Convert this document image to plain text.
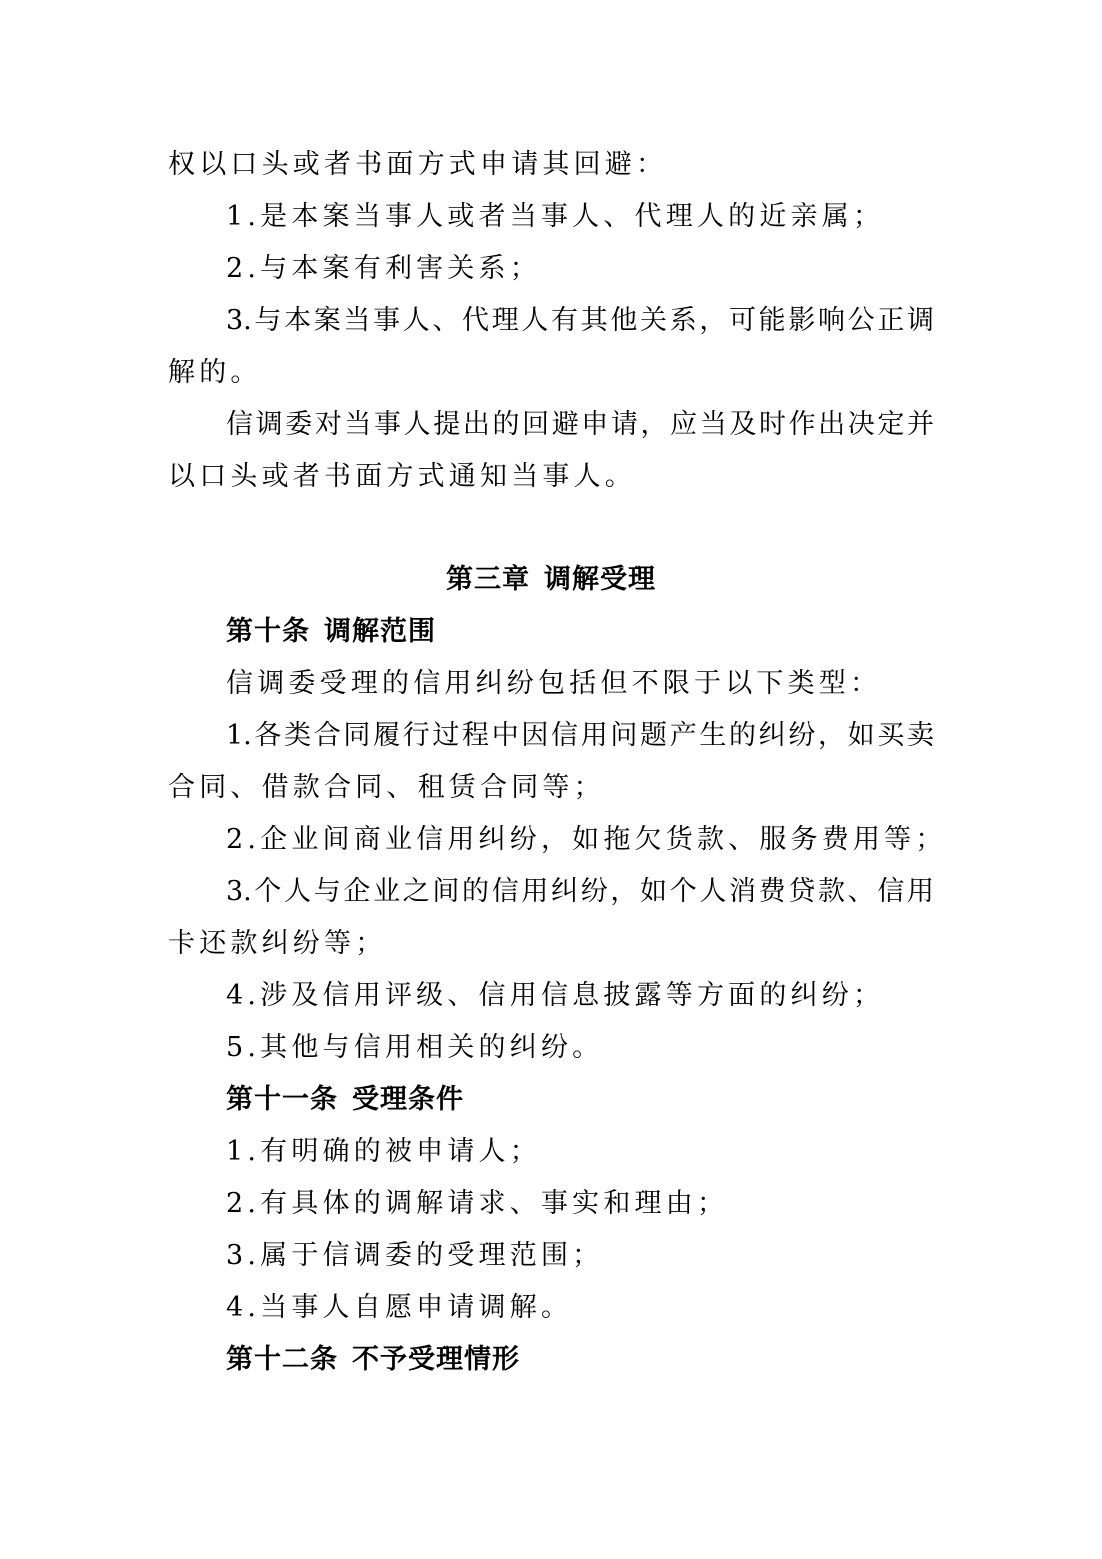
权以口头或者书面方式申请其回避：
1.是本案当事人或者当事人、代理人的近亲属；
2.与本案有利害关系；
3.与本案当事人、代理人有其他关系，可能影响公正调
解的。
信调委对当事人提出的回避申请，应当及时作出决定并
以口头或者书面方式通知当事人。
第三章 调解受理
第十条 调解范围
信调委受理的信用纠纷包括但不限于以下类型：
1.各类合同履行过程中因信用问题产生的纠纷，如买卖
合同、借款合同、租赁合同等；
2.企业间商业信用纠纷，如拖欠货款、服务费用等；
3.个人与企业之间的信用纠纷，如个人消费贷款、信用
卡还款纠纷等；
4.涉及信用评级、信用信息披露等方面的纠纷；
5.其他与信用相关的纠纷。
第十一条 受理条件
1.有明确的被申请人；
2.有具体的调解请求、事实和理由；
3.属于信调委的受理范围；
4.当事人自愿申请调解。
第十二条 不予受理情形
